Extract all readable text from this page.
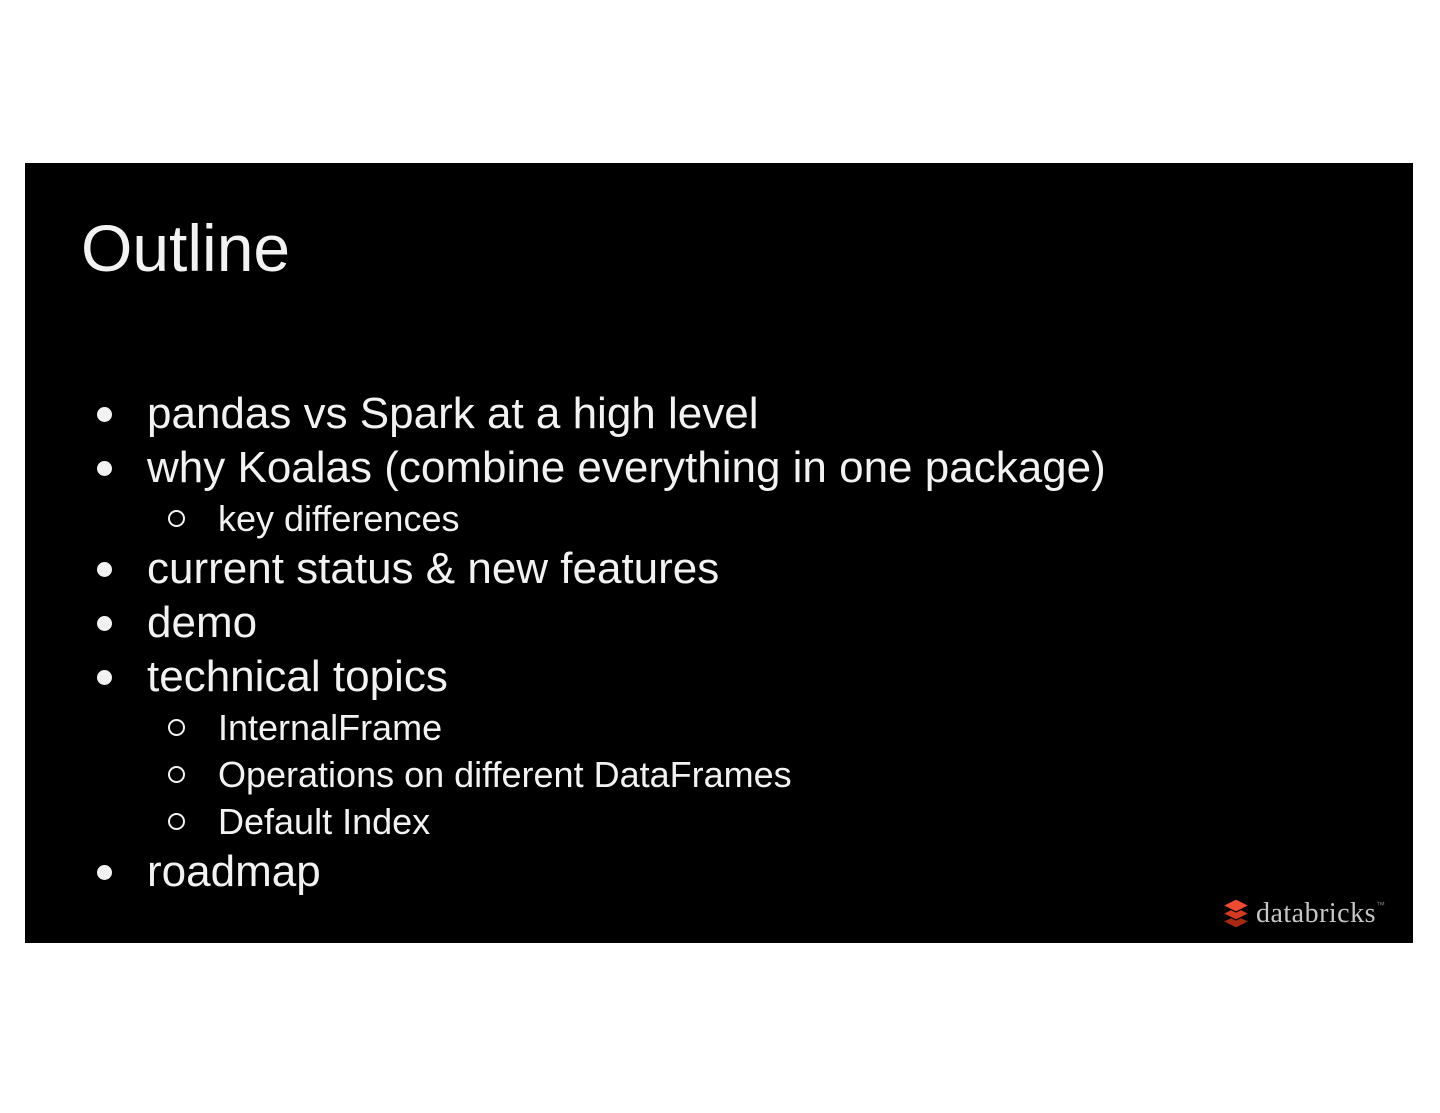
Outline
pandas vs Spark at a high level
why Koalas (combine everything in one package)
key differences
current status & new features
demo
technical topics
InternalFrame
Operations on different DataFrames
Default Index
roadmap
databricks ™
